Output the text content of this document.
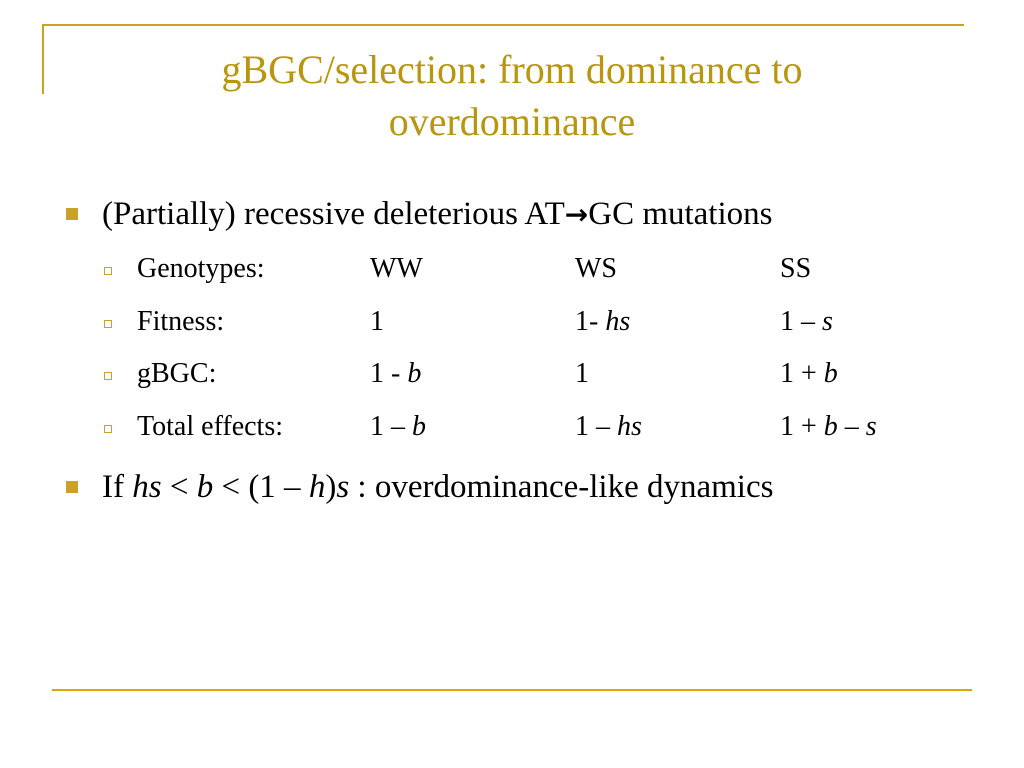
gBGC/selection: from dominance to
overdominance
(Partially) recessive deleterious AT→GC mutations
Genotypes:	WW	WS	SS
Fitness:	1	1- hs	1 – s
gBGC:	1 - b	1	1 + b
Total effects:	1 – b	1 – hs	1 + b – s
If hs < b < (1 – h)s : overdominance-like dynamics
